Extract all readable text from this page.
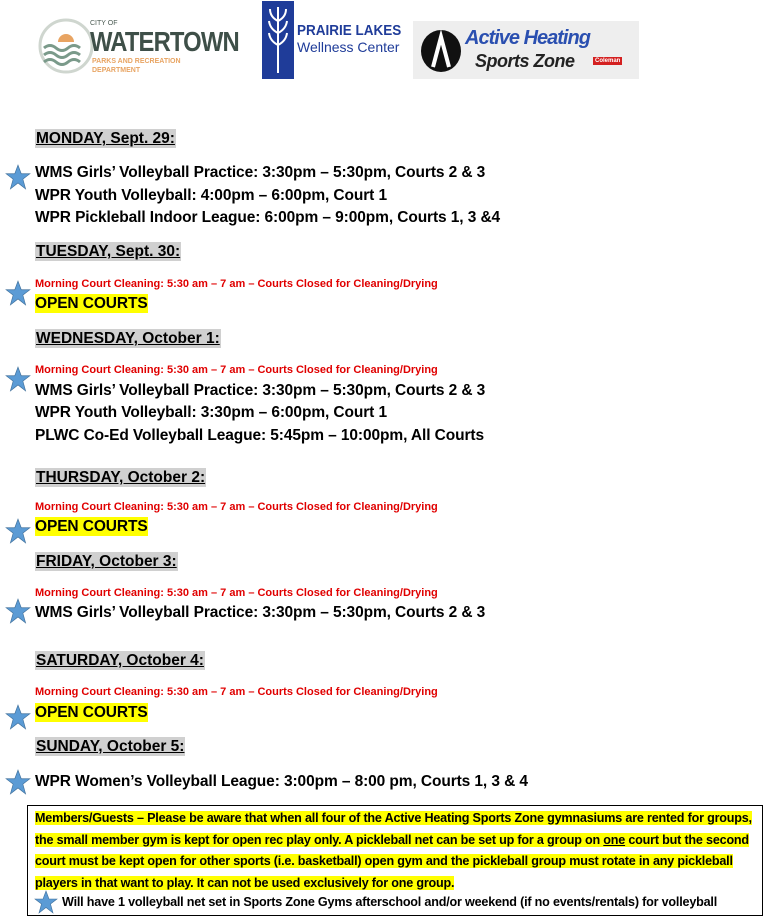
CITY OF
WATERTOWN
PARKS AND RECREATION
DEPARTMENT
PRAIRIE LAKES
Wellness Center	Active Heating
Sports Zone	Coleman
MONDAY, Sept. 29:
WMS Girls’ Volleyball Practice: 3:30pm – 5:30pm, Courts 2 & 3
WPR Youth Volleyball: 4:00pm – 6:00pm, Court 1
WPR Pickleball Indoor League: 6:00pm – 9:00pm, Courts 1, 3 &4
TUESDAY, Sept. 30:
Morning Court Cleaning: 5:30 am – 7 am – Courts Closed for Cleaning/Drying
OPEN COURTS
WEDNESDAY, October 1:
Morning Court Cleaning: 5:30 am – 7 am – Courts Closed for Cleaning/Drying
WMS Girls’ Volleyball Practice: 3:30pm – 5:30pm, Courts 2 & 3
WPR Youth Volleyball: 3:30pm – 6:00pm, Court 1
PLWC Co-Ed Volleyball League: 5:45pm – 10:00pm, All Courts
THURSDAY, October 2:
Morning Court Cleaning: 5:30 am – 7 am – Courts Closed for Cleaning/Drying
OPEN COURTS
FRIDAY, October 3:
Morning Court Cleaning: 5:30 am – 7 am – Courts Closed for Cleaning/Drying
WMS Girls’ Volleyball Practice: 3:30pm – 5:30pm, Courts 2 & 3
SATURDAY, October 4:
Morning Court Cleaning: 5:30 am – 7 am – Courts Closed for Cleaning/Drying
OPEN COURTS
SUNDAY, October 5:
WPR Women’s Volleyball League: 3:00pm – 8:00 pm, Courts 1, 3 & 4
Members/Guests – Please be aware that when all four of the Active Heating Sports Zone gymnasiums are rented for groups, the small member gym is kept for open rec play only. A pickleball net can be set up for a group on one court but the second court must be kept open for other sports (i.e. basketball) open gym and the pickleball group must rotate in any pickleball players in that want to play. It can not be used exclusively for one group.
Will have 1 volleyball net set in Sports Zone Gyms afterschool and/or weekend (if no events/rentals) for volleyball
